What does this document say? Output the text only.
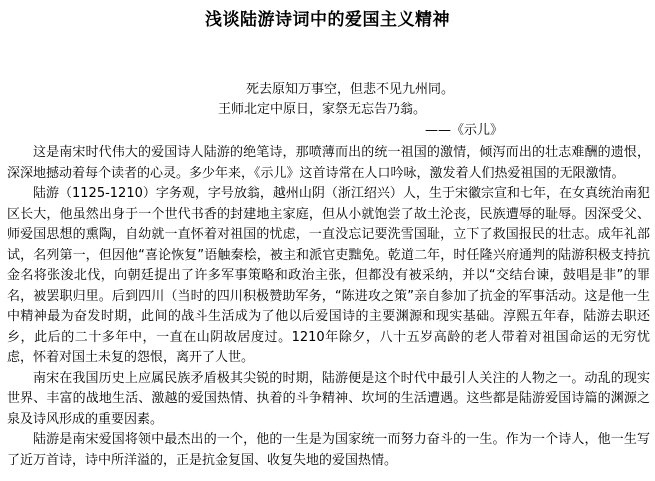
浅谈陆游诗词中的爱国主义精神
死去原知万事空，但悲不见九州同。
王师北定中原日，家祭无忘告乃翁。
——《示儿》

这是南宋时代伟大的爱国诗人陆游的绝笔诗，那喷薄而出的统一祖国的激情，倾泻而出的壮志难酬的遗恨，深深地撼动着每个读者的心灵。多少年来，《示儿》这首诗常在人口吟咏，激发着人们热爱祖国的无限激情。

陆游（1125-1210）字务观，字号放翁，越州山阴（浙江绍兴）人，生于宋徽宗宣和七年，在女真统治南犯区长大，他虽然出身于一个世代书香的封建地主家庭，但从小就饱尝了故土沦丧，民族遭辱的耻辱。因深受父、师爱国思想的熏陶，自幼就一直怀着对祖国的忧虑，一直没忘记要洗雪国耻，立下了救国报民的壮志。成年礼部试，名列第一，但因他“喜论恢复”语触秦桧，被主和派官吏黜免。乾道二年，时任隆兴府通判的陆游积极支持抗金名将张浚北伐，向朝廷提出了许多军事策略和政治主张，但都没有被采纳，并以“交结台谏，鼓唱是非”的罪名，被罢职归里。后到四川（当时的四川积极赞助军务，“陈进攻之策”亲自参加了抗金的军事活动。这是他一生中精神最为奋发时期，此间的战斗生活成为了他以后爱国诗的主要渊源和现实基础。淳熙五年春，陆游去职还乡，此后的二十多年中，一直在山阴故居度过。1210年除夕，八十五岁高龄的老人带着对祖国命运的无穷忧虑，怀着对国土未复的怨恨，离开了人世。

南宋在我国历史上应属民族矛盾极其尖锐的时期，陆游便是这个时代中最引人关注的人物之一。动乱的现实世界、丰富的战地生活、激越的爱国热情、执着的斗争精神、坎坷的生活遭遇。这些都是陆游爱国诗篇的渊源之泉及诗风形成的重要因素。

陆游是南宋爱国将领中最杰出的一个，他的一生是为国家统一而努力奋斗的一生。作为一个诗人，他一生写了近万首诗，诗中所洋溢的，正是抗金复国、收复失地的爱国热情。
